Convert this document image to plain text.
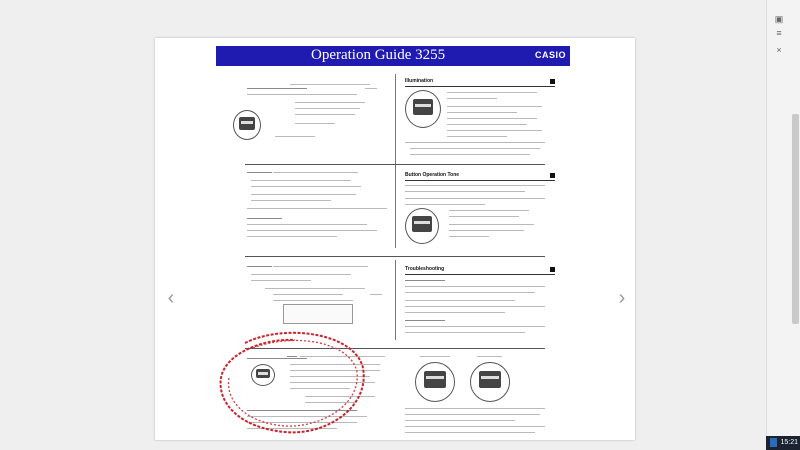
Operation Guide 3255	CASIO
Illumination
Button Operation Tone
Troubleshooting
‹	›
▣
≡
×
15:21
